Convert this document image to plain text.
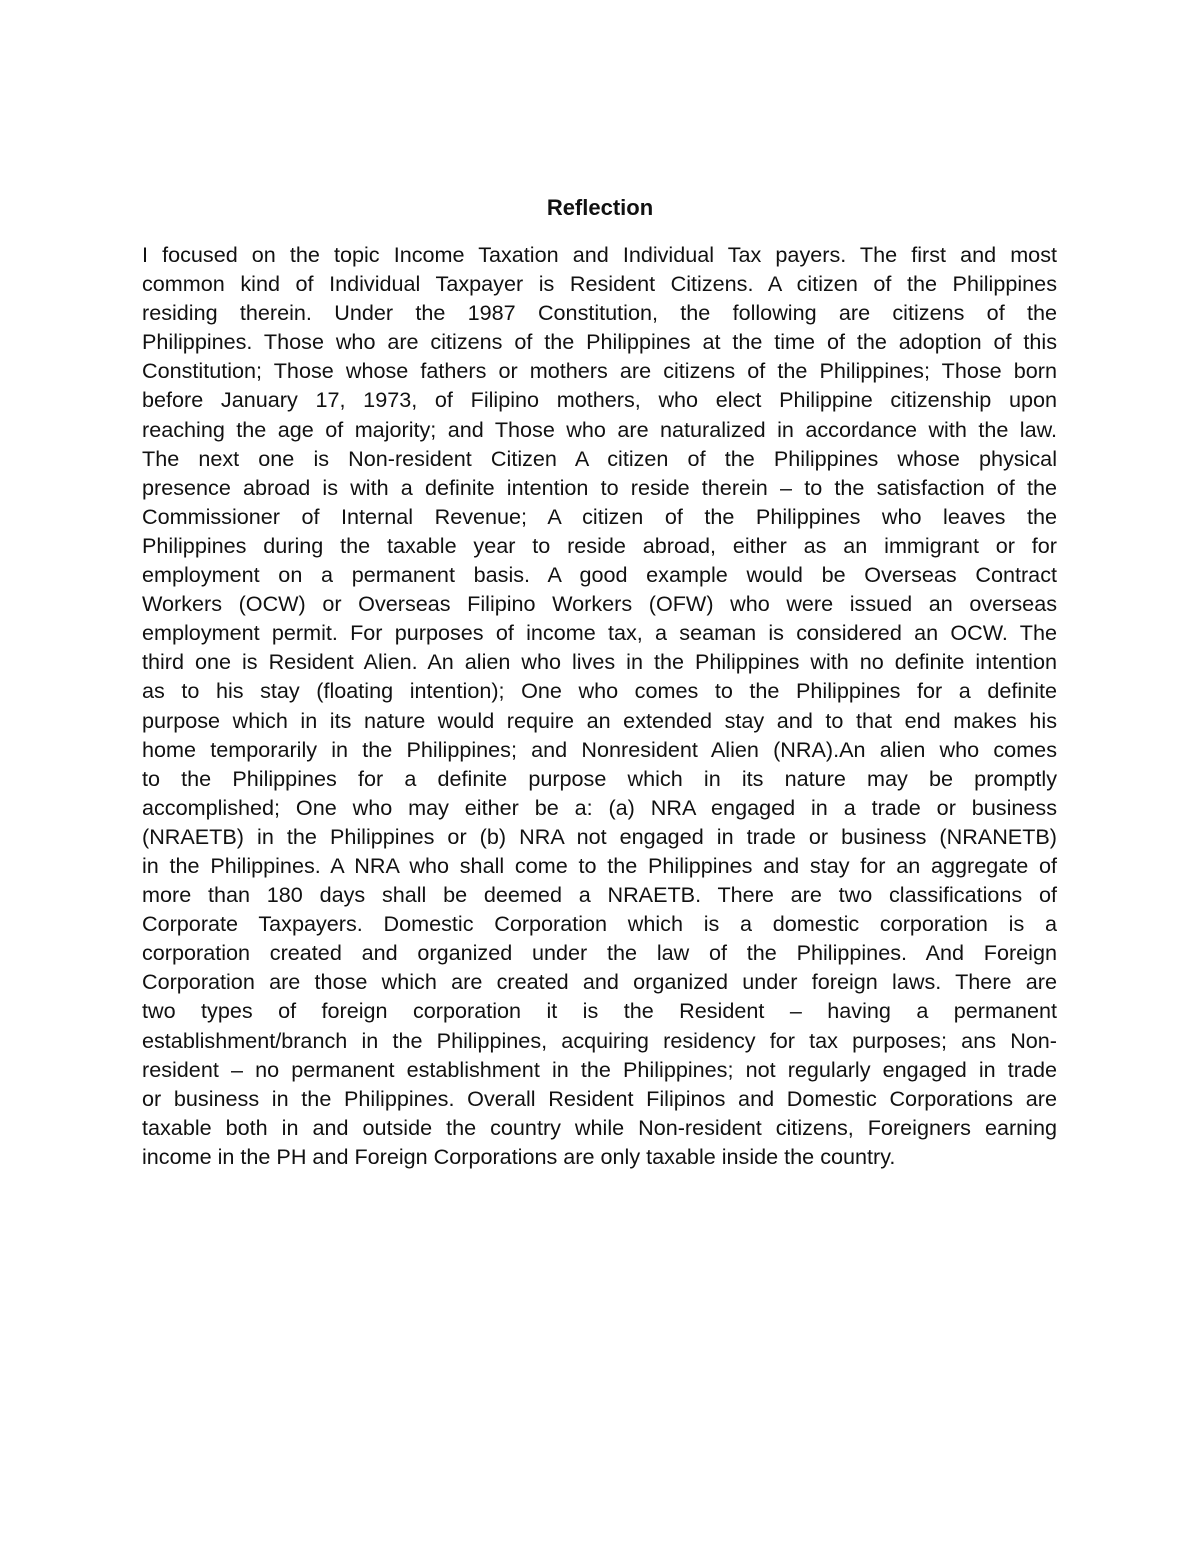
Reflection
I focused on the topic Income Taxation and Individual Tax payers. The first and most
common kind of Individual Taxpayer is Resident Citizens. A citizen of the Philippines
residing therein. Under the 1987 Constitution, the following are citizens of the
Philippines. Those who are citizens of the Philippines at the time of the adoption of this
Constitution; Those whose fathers or mothers are citizens of the Philippines; Those born
before January 17, 1973, of Filipino mothers, who elect Philippine citizenship upon
reaching the age of majority; and Those who are naturalized in accordance with the law.
The next one is Non-resident Citizen A citizen of the Philippines whose physical
presence abroad is with a definite intention to reside therein – to the satisfaction of the
Commissioner of Internal Revenue; A citizen of the Philippines who leaves the
Philippines during the taxable year to reside abroad, either as an immigrant or for
employment on a permanent basis. A good example would be Overseas Contract
Workers (OCW) or Overseas Filipino Workers (OFW) who were issued an overseas
employment permit. For purposes of income tax, a seaman is considered an OCW. The
third one is Resident Alien. An alien who lives in the Philippines with no definite intention
as to his stay (floating intention); One who comes to the Philippines for a definite
purpose which in its nature would require an extended stay and to that end makes his
home temporarily in the Philippines; and Nonresident Alien (NRA).An alien who comes
to the Philippines for a definite purpose which in its nature may be promptly
accomplished; One who may either be a: (a) NRA engaged in a trade or business
(NRAETB) in the Philippines or (b) NRA not engaged in trade or business (NRANETB)
in the Philippines. A NRA who shall come to the Philippines and stay for an aggregate of
more than 180 days shall be deemed a NRAETB. There are two classifications of
Corporate Taxpayers. Domestic Corporation which is a domestic corporation is a
corporation created and organized under the law of the Philippines. And Foreign
Corporation are those which are created and organized under foreign laws. There are
two types of foreign corporation it is the Resident – having a permanent
establishment/branch in the Philippines, acquiring residency for tax purposes; ans Non-
resident – no permanent establishment in the Philippines; not regularly engaged in trade
or business in the Philippines. Overall Resident Filipinos and Domestic Corporations are
taxable both in and outside the country while Non-resident citizens, Foreigners earning
income in the PH and Foreign Corporations are only taxable inside the country.
